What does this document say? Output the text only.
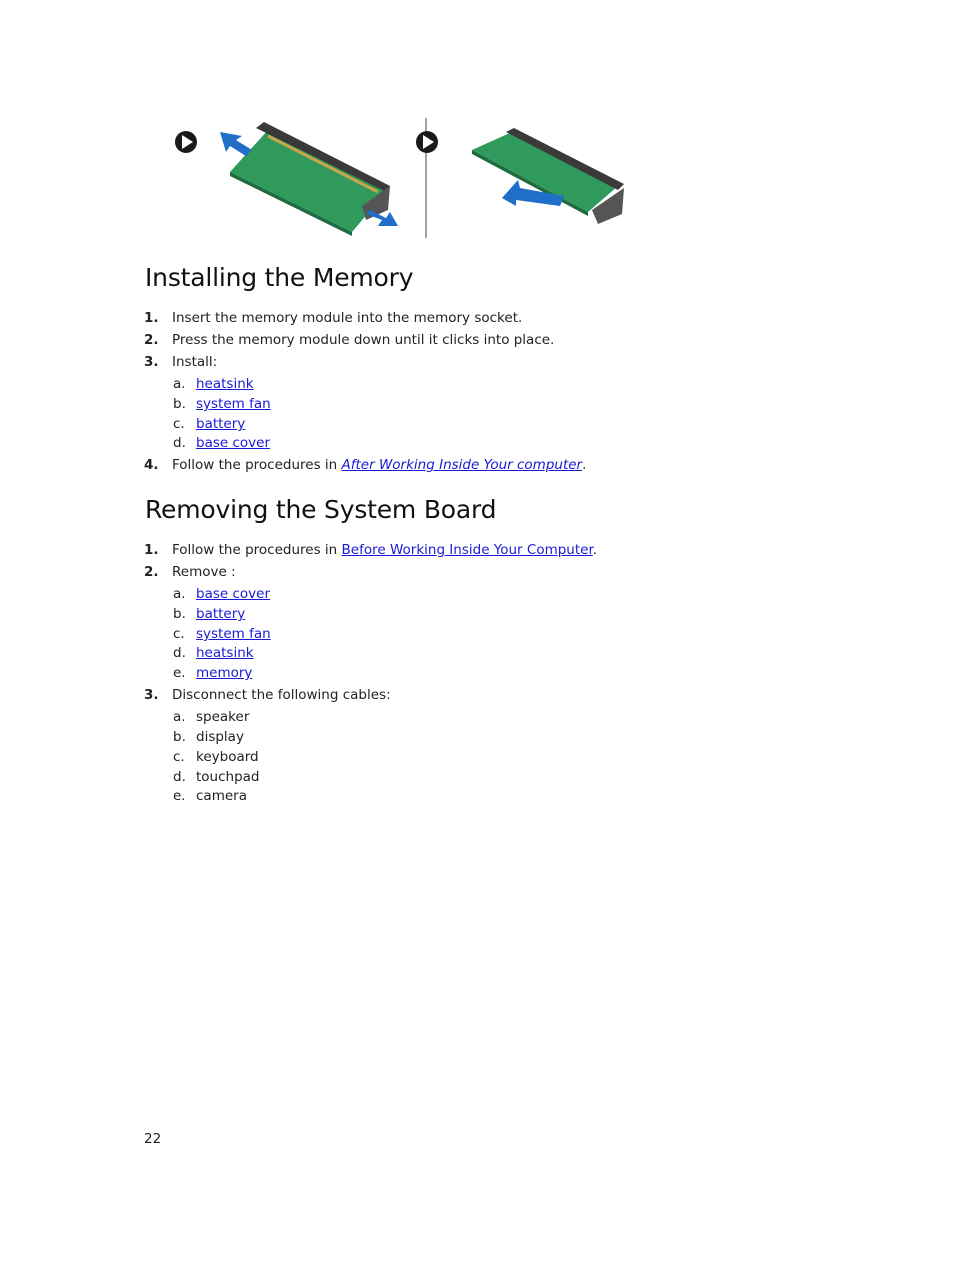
Installing the Memory
1. Insert the memory module into the memory socket.
2. Press the memory module down until it clicks into place.
3. Install:
a. heatsink
b. system fan
c. battery
d. base cover
4. Follow the procedures in After Working Inside Your computer.
Removing the System Board
1. Follow the procedures in Before Working Inside Your Computer.
2. Remove :
a. base cover
b. battery
c. system fan
d. heatsink
e. memory
3. Disconnect the following cables:
a. speaker
b. display
c. keyboard
d. touchpad
e. camera
22
